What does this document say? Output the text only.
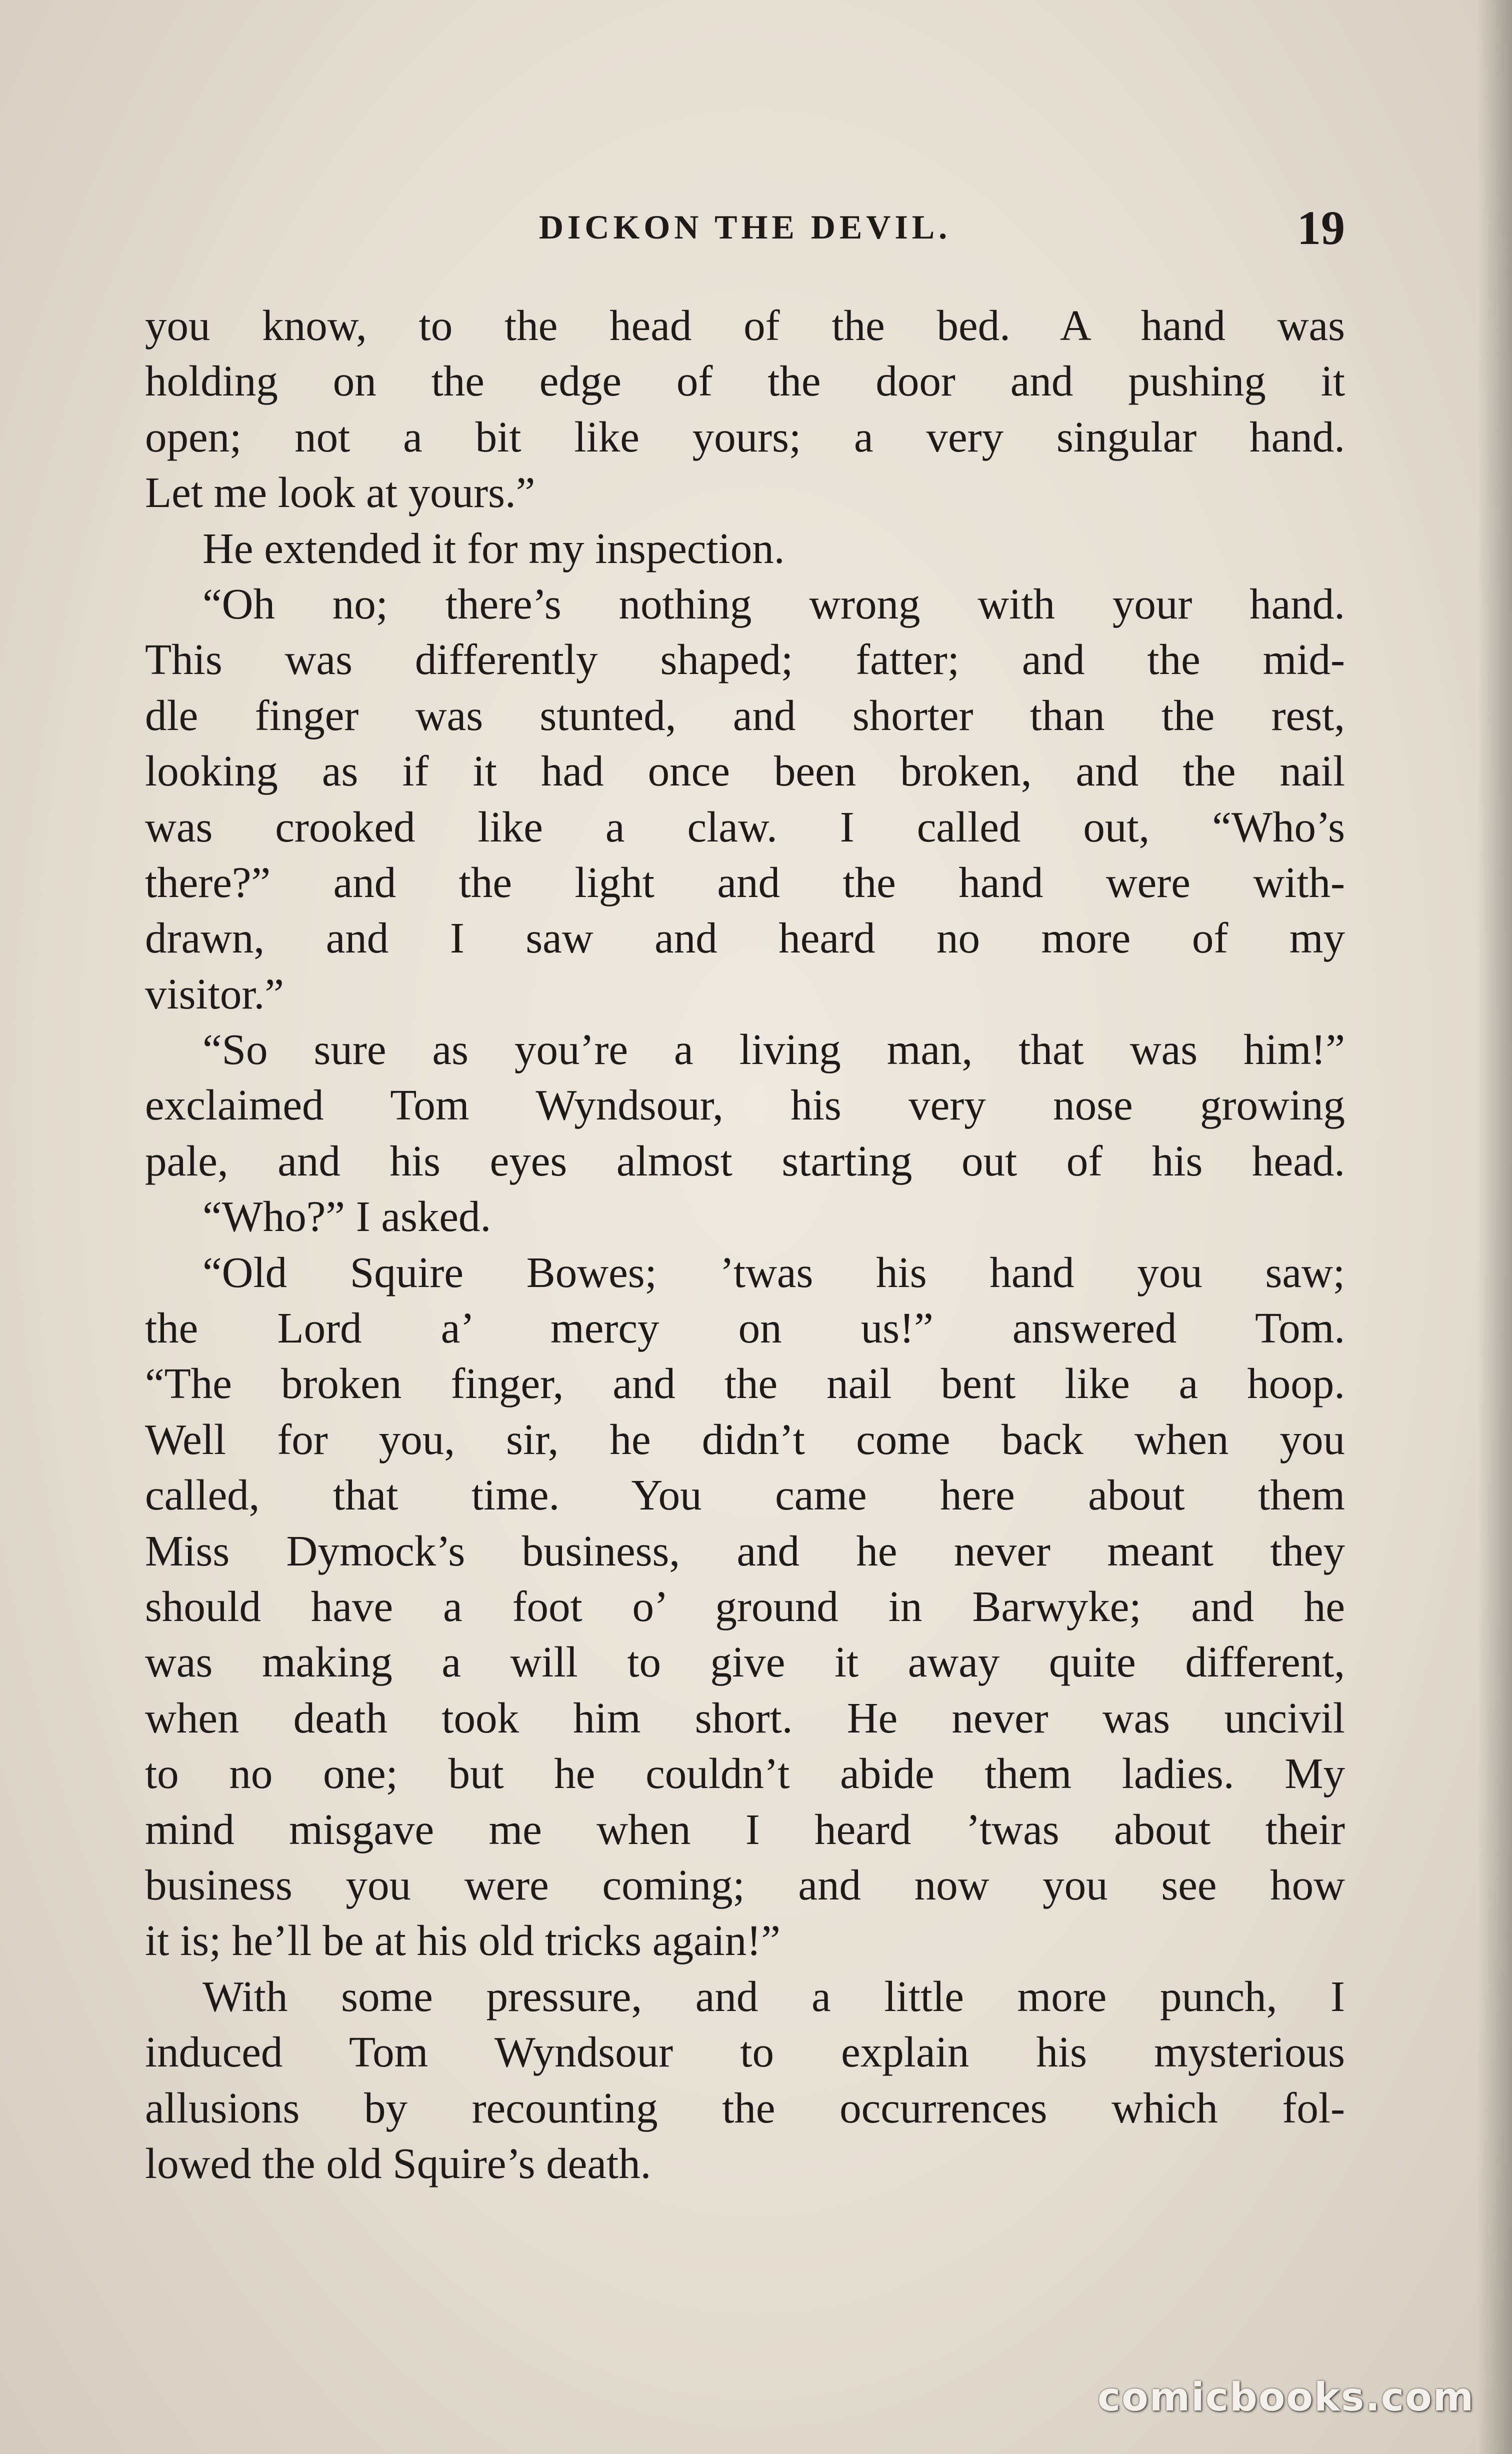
DICKON THE DEVIL.	19
you know, to the head of the bed. A hand was
holding on the edge of the door and pushing it
open; not a bit like yours; a very singular hand.
Let me look at yours.”
He extended it for my inspection.
“Oh no; there’s nothing wrong with your hand.
This was differently shaped; fatter; and the mid-
dle finger was stunted, and shorter than the rest,
looking as if it had once been broken, and the nail
was crooked like a claw. I called out, “Who’s
there?” and the light and the hand were with-
drawn, and I saw and heard no more of my
visitor.”
“So sure as you’re a living man, that was him!”
exclaimed Tom Wyndsour, his very nose growing
pale, and his eyes almost starting out of his head.
“Who?” I asked.
“Old Squire Bowes; ’twas his hand you saw;
the Lord a’ mercy on us!” answered Tom.
“The broken finger, and the nail bent like a hoop.
Well for you, sir, he didn’t come back when you
called, that time. You came here about them
Miss Dymock’s business, and he never meant they
should have a foot o’ ground in Barwyke; and he
was making a will to give it away quite different,
when death took him short. He never was uncivil
to no one; but he couldn’t abide them ladies. My
mind misgave me when I heard ’twas about their
business you were coming; and now you see how
it is; he’ll be at his old tricks again!”
With some pressure, and a little more punch, I
induced Tom Wyndsour to explain his mysterious
allusions by recounting the occurrences which fol-
lowed the old Squire’s death.
comicbooks.com
